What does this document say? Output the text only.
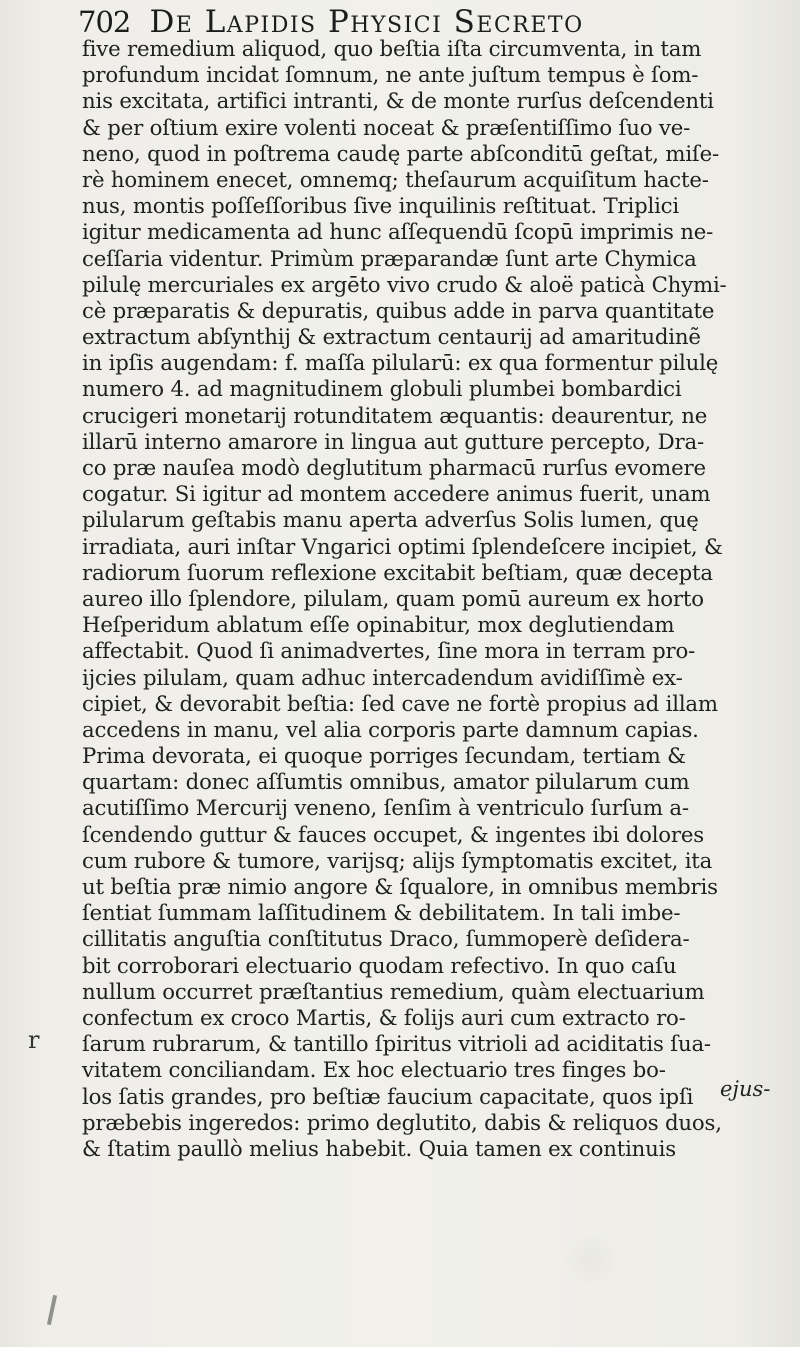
702 De Lapidis Physici Secreto
five remedium aliquod, quo beſtia iſta circumventa, in tam
profundum incidat ſomnum, ne ante juſtum tempus è ſom-
nis excitata, artifici intranti, & de monte rurſus deſcendenti
& per oſtium exire volenti noceat & præſentiſſimo ſuo ve-
neno, quod in poſtrema caudę parte abſconditū geſtat, miſe-
rè hominem enecet, omnemq; theſaurum acquiſitum hacte-
nus, montis poſſeſſoribus ſive inquilinis reſtituat. Triplici
igitur medicamenta ad hunc aſſequendū ſcopū imprimis ne-
ceſſaria videntur. Primùm præparandæ ſunt arte Chymica
pilulę mercuriales ex argēto vivo crudo & aloë paticà Chymi-
cè præparatis & depuratis, quibus adde in parva quantitate
extractum abſynthij & extractum centaurij ad amaritudinẽ
in ipſis augendam: f. maſſa pilularū: ex qua formentur pilulę
numero 4. ad magnitudinem globuli plumbei bombardici
crucigeri monetarij rotunditatem æquantis: deaurentur, ne
illarū interno amarore in lingua aut gutture percepto, Dra-
co præ nauſea modò deglutitum pharmacū rurſus evomere
cogatur. Si igitur ad montem accedere animus fuerit, unam
pilularum geſtabis manu aperta adverſus Solis lumen, quę
irradiata, auri inſtar Vngarici optimi ſplendeſcere incipiet, &
radiorum ſuorum reflexione excitabit beſtiam, quæ decepta
aureo illo ſplendore, pilulam, quam pomū aureum ex horto
Heſperidum ablatum eſſe opinabitur, mox deglutiendam
affectabit. Quod ſi animadvertes, ſine mora in terram pro-
ijcies pilulam, quam adhuc intercadendum avidiſſimè ex-
cipiet, & devorabit beſtia: ſed cave ne fortè propius ad illam
accedens in manu, vel alia corporis parte damnum capias.
Prima devorata, ei quoque porriges ſecundam, tertiam &
quartam: donec aſſumtis omnibus, amator pilularum cum
acutiſſimo Mercurij veneno, ſenſim à ventriculo ſurſum a-
ſcendendo guttur & fauces occupet, & ingentes ibi dolores
cum rubore & tumore, varijsq; alijs ſymptomatis excitet, ita
ut beſtia præ nimio angore & ſqualore, in omnibus membris
ſentiat ſummam laſſitudinem & debilitatem. In tali imbe-
cillitatis anguſtia conſtitutus Draco, ſummoperè deſidera-
bit corroborari electuario quodam refectivo. In quo caſu
nullum occurret præſtantius remedium, quàm electuarium
confectum ex croco Martis, & folijs auri cum extracto ro-
ſarum rubrarum, & tantillo ſpiritus vitrioli ad aciditatis ſua-
vitatem conciliandam. Ex hoc electuario tres finges bo-
los ſatis grandes, pro beſtiæ faucium capacitate, quos ipſi
præbebis ingeredos: primo deglutito, dabis & reliquos duos,
& ſtatim paullò melius habebit. Quia tamen ex continuis
ejus-
r
